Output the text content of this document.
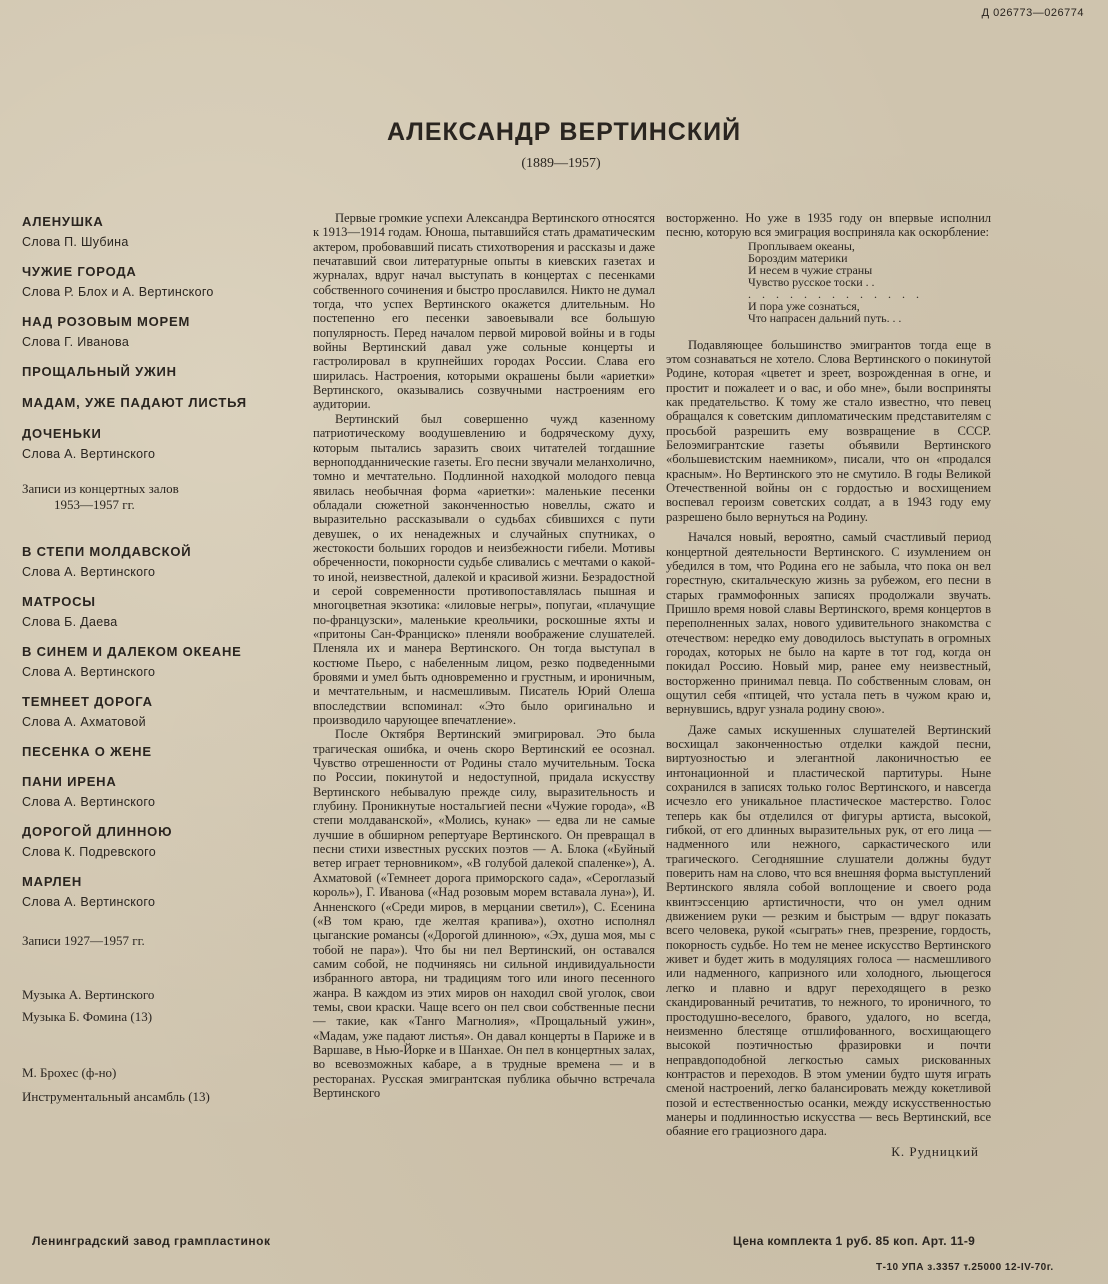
Д 026773—026774
АЛЕКСАНДР ВЕРТИНСКИЙ
(1889—1957)
АЛЕНУШКА
Слова П. Шубина
ЧУЖИЕ ГОРОДА
Слова Р. Блох и А. Вертинского
НАД РОЗОВЫМ МОРЕМ
Слова Г. Иванова
ПРОЩАЛЬНЫЙ УЖИН
МАДАМ, УЖЕ ПАДАЮТ ЛИСТЬЯ
ДОЧЕНЬКИ
Слова А. Вертинского
Записи из концертных залов
1953—1957 гг.
В СТЕПИ МОЛДАВСКОЙ
Слова А. Вертинского
МАТРОСЫ
Слова Б. Даева
В СИНЕМ И ДАЛЕКОМ ОКЕАНЕ
Слова А. Вертинского
ТЕМНЕЕТ ДОРОГА
Слова А. Ахматовой
ПЕСЕНКА О ЖЕНЕ
ПАНИ ИРЕНА
Слова А. Вертинского
ДОРОГОЙ ДЛИННОЮ
Слова К. Подревского
МАРЛЕН
Слова А. Вертинского
Записи 1927—1957 гг.
Музыка А. Вертинского
Музыка Б. Фомина (13)
М. Брохес (ф-но)
Инструментальный ансамбль (13)

Первые громкие успехи Александра Вертинского относятся к 1913—1914 годам. Юноша, пытавшийся стать драматическим актером, пробовавший писать стихотворения и рассказы и даже печатавший свои литературные опыты в киевских газетах и журналах, вдруг начал выступать в концертах с песенками собственного сочинения и быстро прославился. Никто не думал тогда, что успех Вертинского окажется длительным. Но постепенно его песенки завоевывали все большую популярность. Перед началом первой мировой войны и в годы войны Вертинский давал уже сольные концерты и гастролировал в крупнейших городах России. Слава его ширилась. Настроения, которыми окрашены были «ариетки» Вертинского, оказывались созвучными настроениям его аудитории.

Вертинский был совершенно чужд казенному патриотическому воодушевлению и бодряческому духу, которым пытались заразить своих читателей тогдашние верноподданнические газеты. Его песни звучали меланхолично, томно и мечтательно. Подлинной находкой молодого певца явилась необычная форма «ариетки»: маленькие песенки обладали сюжетной законченностью новеллы, сжато и выразительно рассказывали о судьбах сбившихся с пути девушек, о их ненадежных и случайных спутниках, о жестокости больших городов и неизбежности гибели. Мотивы обреченности, покорности судьбе сливались с мечтами о какой-то иной, неизвестной, далекой и красивой жизни. Безрадостной и серой современности противопоставлялась пышная и многоцветная экзотика: «лиловые негры», попугаи, «плачущие по-французски», маленькие креольчики, роскошные яхты и «притоны Сан-Франциско» пленяли воображение слушателей. Пленяла их и манера Вертинского. Он тогда выступал в костюме Пьеро, с набеленным лицом, резко подведенными бровями и умел быть одновременно и грустным, и ироничным, и мечтательным, и насмешливым. Писатель Юрий Олеша впоследствии вспоминал: «Это было оригинально и производило чарующее впечатление».

После Октября Вертинский эмигрировал. Это была трагическая ошибка, и очень скоро Вертинский ее осознал. Чувство отрешенности от Родины стало мучительным. Тоска по России, покинутой и недоступной, придала искусству Вертинского небывалую прежде силу, выразительность и глубину. Проникнутые ностальгией песни «Чужие города», «В степи молдаванской», «Молись, кунак» — едва ли не самые лучшие в обширном репертуаре Вертинского. Он превращал в песни стихи известных русских поэтов — А. Блока («Буйный ветер играет терновником», «В голубой далекой спаленке»), А. Ахматовой («Темнеет дорога приморского сада», «Сероглазый король»), Г. Иванова («Над розовым морем вставала луна»), И. Анненского («Среди миров, в мерцании светил»), С. Есенина («В том краю, где желтая крапива»), охотно исполнял цыганские романсы («Дорогой длинною», «Эх, душа моя, мы с тобой не пара»). Что бы ни пел Вертинский, он оставался самим собой, не подчиняясь ни сильной индивидуальности избранного автора, ни традициям того или иного песенного жанра. В каждом из этих миров он находил свой уголок, свои темы, свои краски. Чаще всего он пел свои собственные песни — такие, как «Танго Магнолия», «Прощальный ужин», «Мадам, уже падают листья». Он давал концерты в Париже и в Варшаве, в Нью-Йорке и в Шанхае. Он пел в концертных залах, во всевозможных кабаре, а в трудные времена — и в ресторанах. Русская эмигрантская публика обычно встречала Вертинского

восторженно. Но уже в 1935 году он впервые исполнил песню, которую вся эмиграция восприняла как оскорбление:

Проплываем океаны,
Бороздим материки
И несем в чужие страны
Чувство русское тоски . .
. . . . . . . . . . . . .
И пора уже сознаться,
Что напрасен дальний путь. . .

Подавляющее большинство эмигрантов тогда еще в этом сознаваться не хотело. Слова Вертинского о покинутой Родине, которая «цветет и зреет, возрожденная в огне, и простит и пожалеет и о вас, и обо мне», были восприняты как предательство. К тому же стало известно, что певец обращался к советским дипломатическим представителям с просьбой разрешить ему возвращение в СССР. Белоэмигрантские газеты объявили Вертинского «большевистским наемником», писали, что он «продался красным». Но Вертинского это не смутило. В годы Великой Отечественной войны он с гордостью и восхищением воспевал героизм советских солдат, а в 1943 году ему разрешено было вернуться на Родину.

Начался новый, вероятно, самый счастливый период концертной деятельности Вертинского. С изумлением он убедился в том, что Родина его не забыла, что пока он вел горестную, скитальческую жизнь за рубежом, его песни в старых граммофонных записях продолжали звучать. Пришло время новой славы Вертинского, время концертов в переполненных залах, нового удивительного знакомства с отечеством: нередко ему доводилось выступать в огромных городах, которых не было на карте в тот год, когда он покидал Россию. Новый мир, ранее ему неизвестный, восторженно принимал певца. По собственным словам, он ощутил себя «птицей, что устала петь в чужом краю и, вернувшись, вдруг узнала родину свою».

Даже самых искушенных слушателей Вертинский восхищал законченностью отделки каждой песни, виртуозностью и элегантной лаконичностью ее интонационной и пластической партитуры. Ныне сохранился в записях только голос Вертинского, и навсегда исчезло его уникальное пластическое мастерство. Голос теперь как бы отделился от фигуры артиста, высокой, гибкой, от его длинных выразительных рук, от его лица — надменного или нежного, саркастического или трагического. Сегодняшние слушатели должны будут поверить нам на слово, что вся внешняя форма выступлений Вертинского являла собой воплощение и своего рода квинтэссенцию артистичности, что он умел одним движением руки — резким и быстрым — вдруг показать всего человека, рукой «сыграть» гнев, презрение, гордость, покорность судьбе. Но тем не менее искусство Вертинского живет и будет жить в модуляциях голоса — насмешливого или надменного, капризного или холодного, льющегося легко и плавно и вдруг переходящего в резко скандированный речитатив, то нежного, то ироничного, то простодушно-веселого, бравого, удалого, но всегда, неизменно блестяще отшлифованного, восхищающего высокой поэтичностью фразировки и почти неправдоподобной легкостью самых рискованных контрастов и переходов. В этом умении будто шутя играть сменой настроений, легко балансировать между кокетливой позой и естественностью осанки, между искусственностью манеры и подлинностью искусства — весь Вертинский, все обаяние его грациозного дара.

К. Рудницкий
Ленинградский завод грампластинок	Цена комплекта 1 руб. 85 коп. Арт. 11-9
Т-10 УПА з.3357 т.25000 12-IV-70г.
